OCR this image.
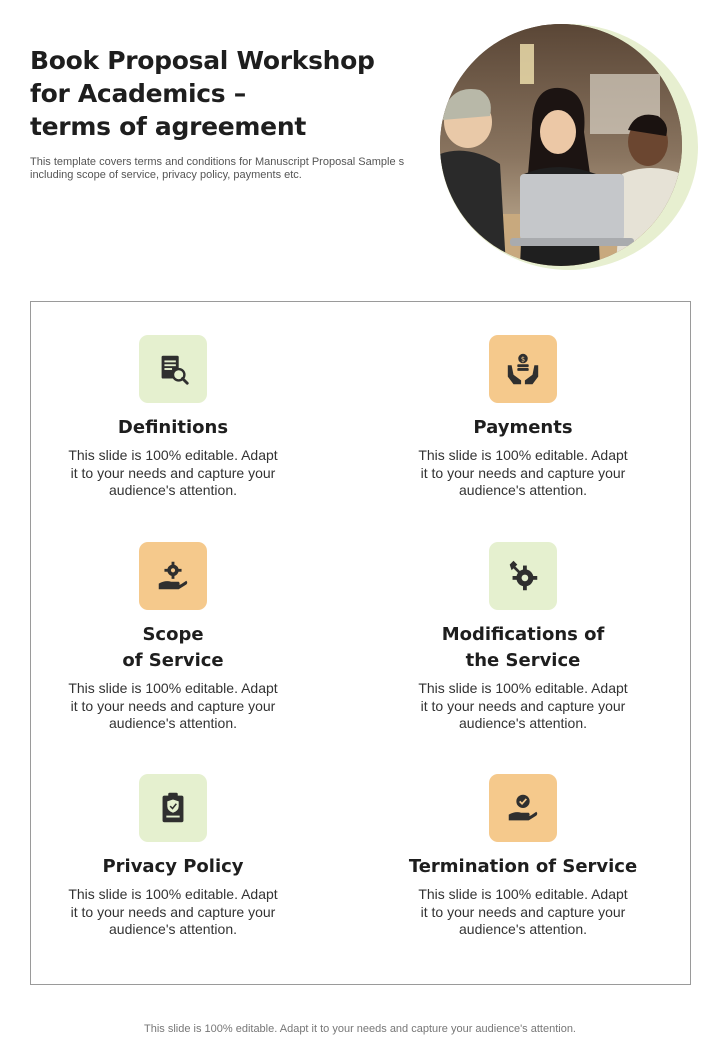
Book Proposal Workshop
for Academics –
terms of agreement
This template covers terms and conditions for Manuscript Proposal Sample s
including scope of service, privacy policy, payments etc.
Definitions
This slide is 100% editable. Adapt
it to your needs and capture your
audience's attention.
$
Payments
This slide is 100% editable. Adapt
it to your needs and capture your
audience's attention.
Scope
of Service
This slide is 100% editable. Adapt
it to your needs and capture your
audience's attention.
Modifications of
the Service
This slide is 100% editable. Adapt
it to your needs and capture your
audience's attention.
Privacy Policy
This slide is 100% editable. Adapt
it to your needs and capture your
audience's attention.
Termination of Service
This slide is 100% editable. Adapt
it to your needs and capture your
audience's attention.
This slide is 100% editable. Adapt it to your needs and capture your audience's attention.
